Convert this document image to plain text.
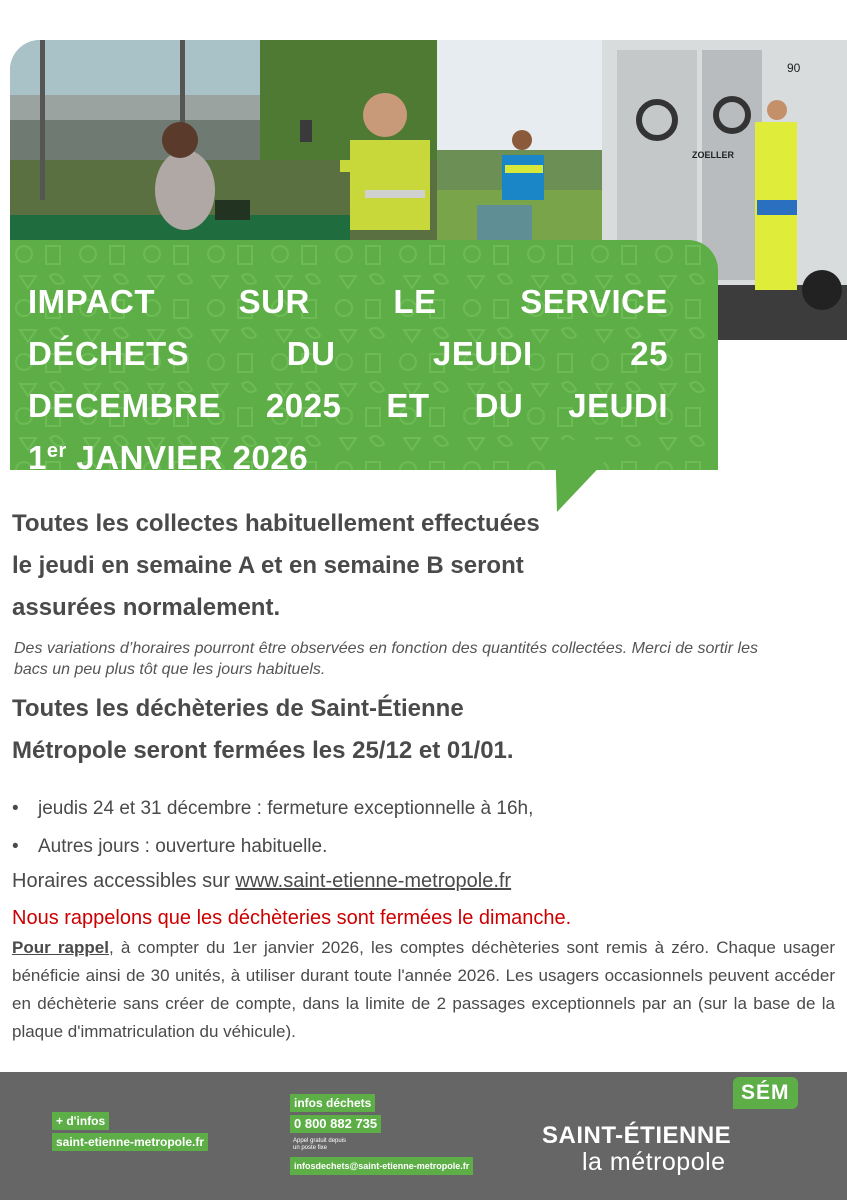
90
ZOELLER
IMPACT SUR LE SERVICE
DÉCHETS DU JEUDI 25
DECEMBRE 2025 ET DU JEUDI
1er JANVIER 2026

Toutes les collectes habituellement effectuées
le jeudi en semaine A et en semaine B seront
assurées normalement.

Des variations d’horaires pourront être observées en fonction des quantités collectées. Merci de sortir les bacs un peu plus tôt que les jours habituels.

Toutes les déchèteries de Saint-Étienne
Métropole seront fermées les 25/12 et 01/01.

• jeudis 24 et 31 décembre : fermeture exceptionnelle à 16h,
• Autres jours : ouverture habituelle.
Horaires accessibles sur www.saint-etienne-metropole.fr
Nous rappelons que les déchèteries sont fermées le dimanche.

Pour rappel, à compter du 1er janvier 2026, les comptes déchèteries sont remis à zéro. Chaque usager bénéficie ainsi de 30 unités, à utiliser durant toute l'année 2026. Les usagers occasionnels peuvent accéder en déchèterie sans créer de compte, dans la limite de 2 passages exceptionnels par an (sur la base de la plaque d'immatriculation du véhicule).

+ d'infos
saint-etienne-metropole.fr
infos déchets
0 800 882 735
Appel gratuit depuis un poste fixe
infosdechets@saint-etienne-metropole.fr
SÉM
SAINT-ÉTIENNE
la métropole
